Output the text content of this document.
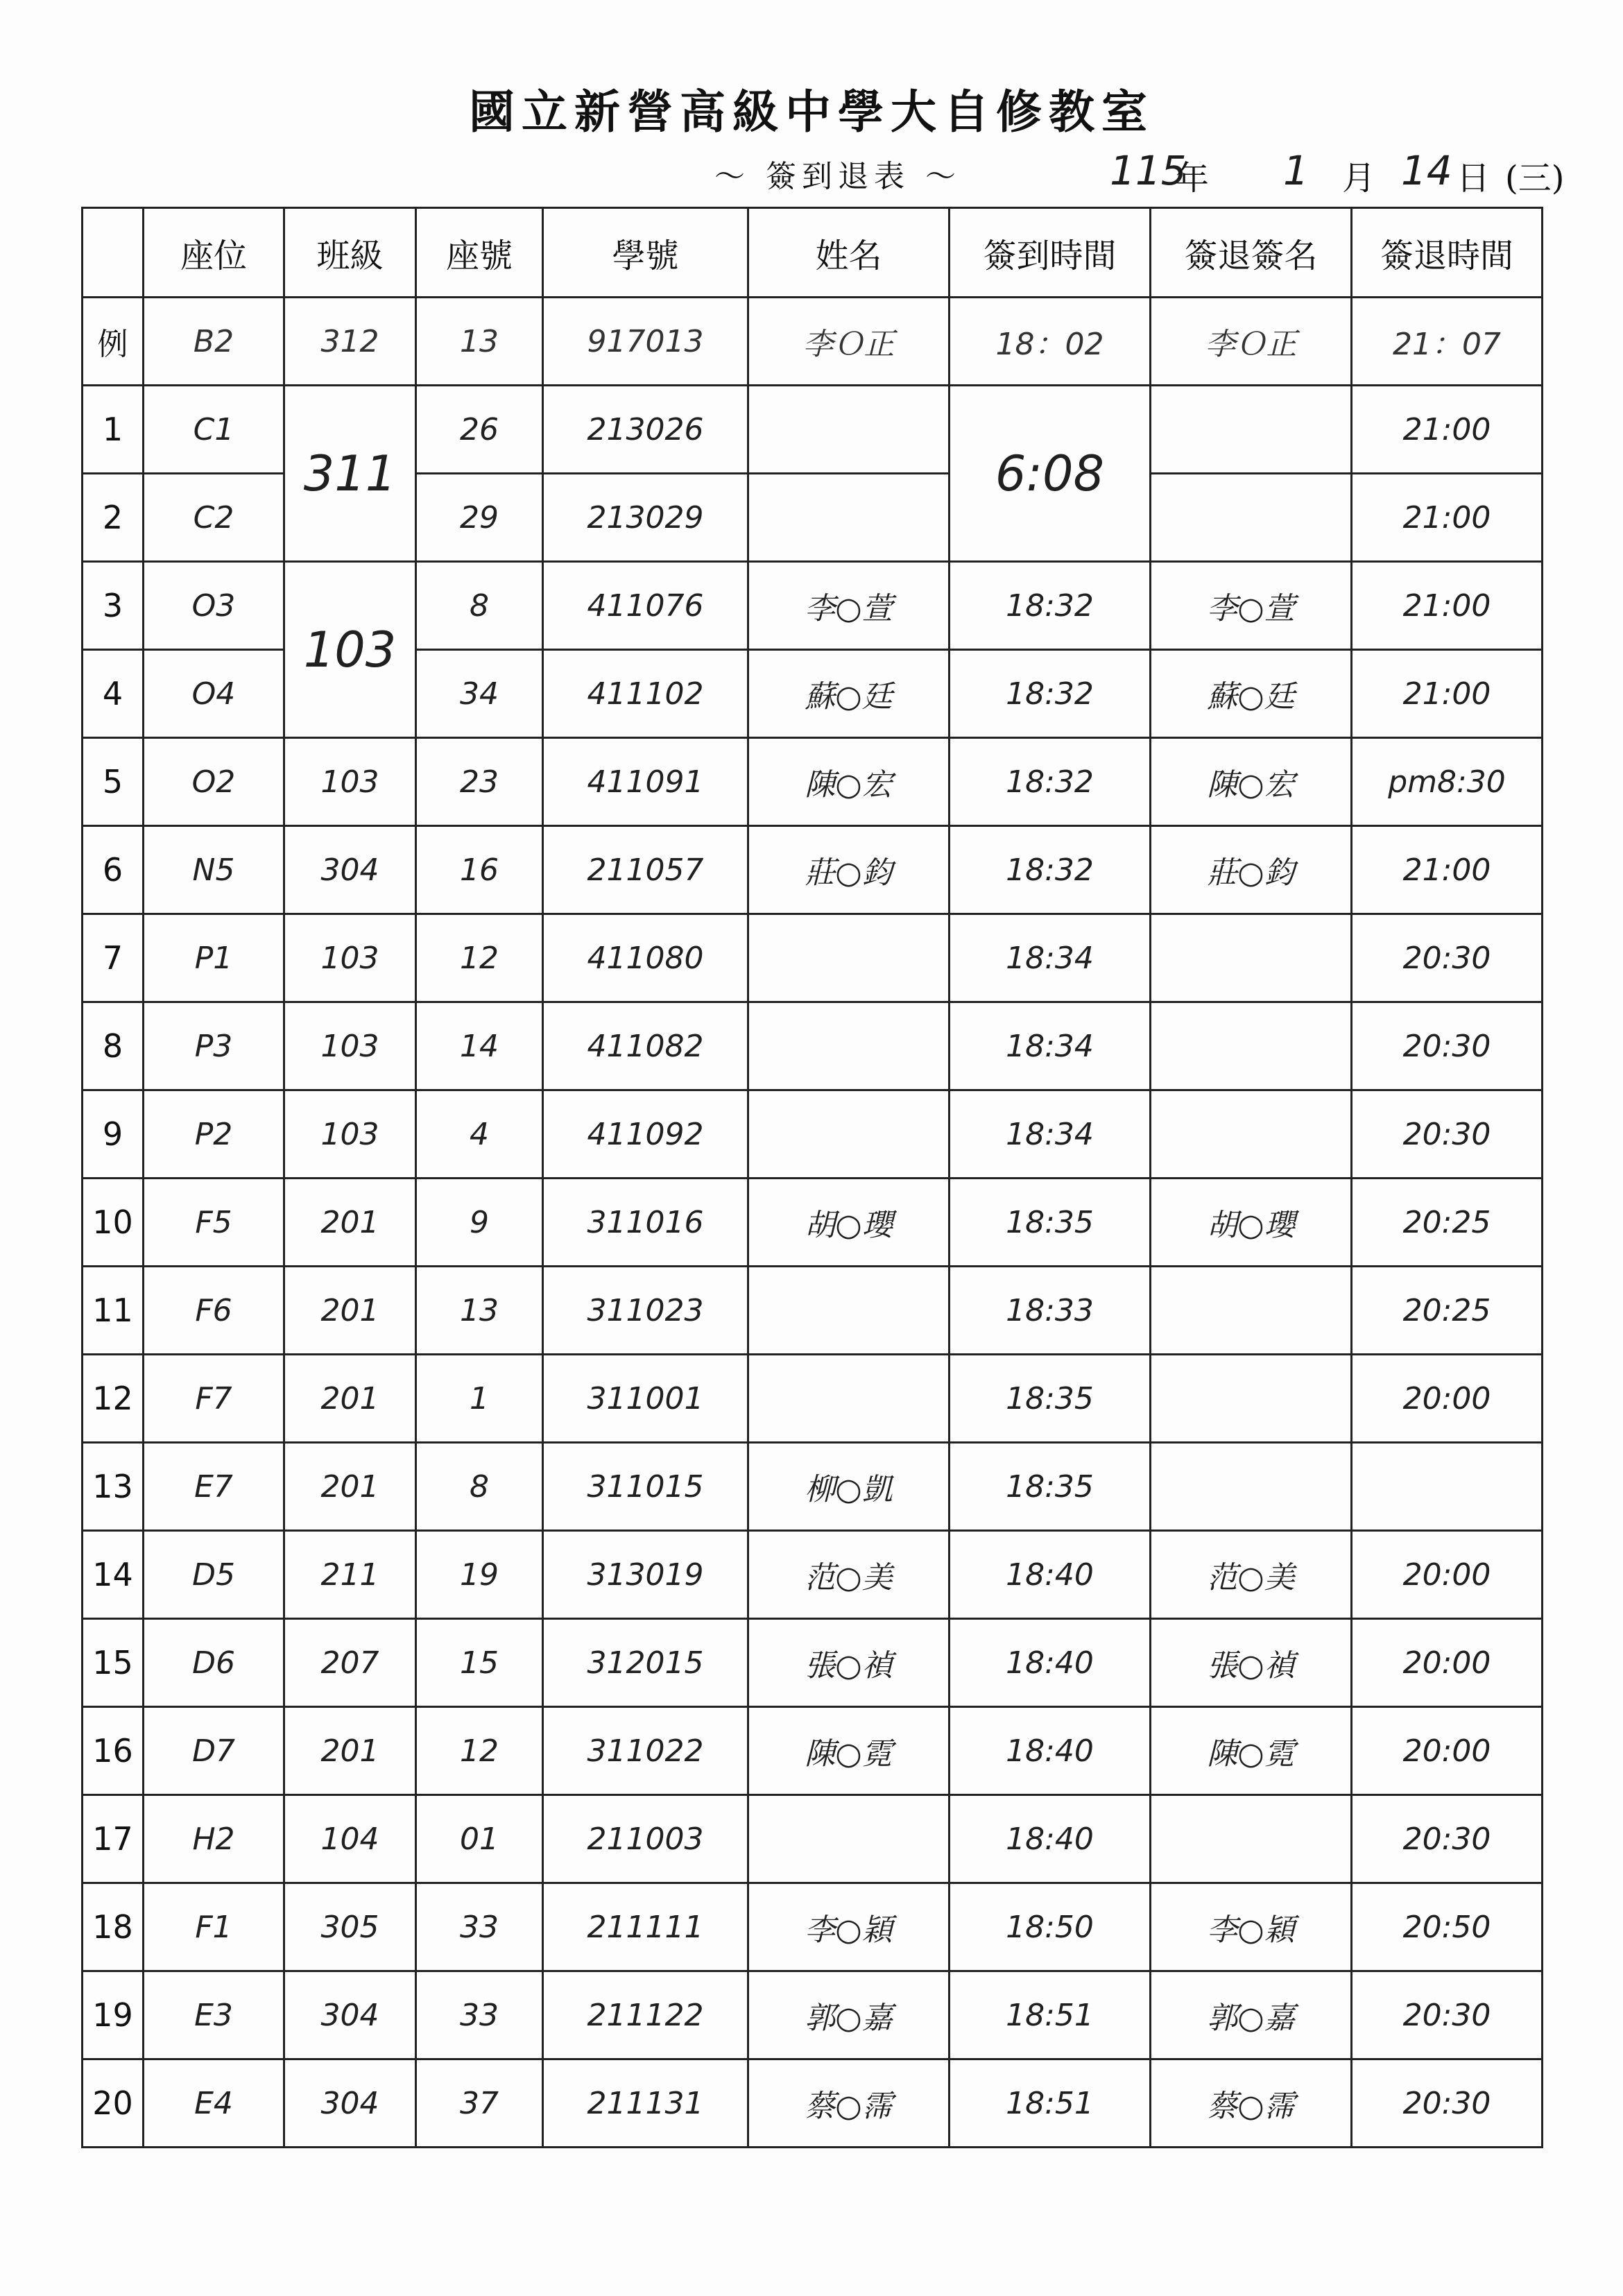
國立新營高級中學大自修教室
～ 簽到退表 ～	115
年 1 月 14 日 (三)
	座位	班級	座號	學號	姓名	簽到時間	簽退簽名	簽退時間
例	B2	312	13	917013	李Ｏ正	18：02	李Ｏ正	21：07
1	C1	311	26	213026		6:08		21:00
2	C2		29	213029				21:00
3	O3	103	8	411076	李○萱	18:32	李○萱	21:00
4	O4		34	411102	蘇○廷	18:32	蘇○廷	21:00
5	O2	103	23	411091	陳○宏	18:32	陳○宏	pm8:30
6	N5	304	16	211057	莊○鈞	18:32	莊○鈞	21:00
7	P1	103	12	411080		18:34		20:30
8	P3	103	14	411082		18:34		20:30
9	P2	103	4	411092		18:34		20:30
10	F5	201	9	311016	胡○瓔	18:35	胡○瓔	20:25
11	F6	201	13	311023		18:33		20:25
12	F7	201	1	311001		18:35		20:00
13	E7	201	8	311015	柳○凱	18:35		
14	D5	211	19	313019	范○美	18:40	范○美	20:00
15	D6	207	15	312015	張○禎	18:40	張○禎	20:00
16	D7	201	12	311022	陳○霓	18:40	陳○霓	20:00
17	H2	104	01	211003		18:40		20:30
18	F1	305	33	211111	李○穎	18:50	李○穎	20:50
19	E3	304	33	211122	郭○嘉	18:51	郭○嘉	20:30
20	E4	304	37	211131	蔡○霈	18:51	蔡○霈	20:30
